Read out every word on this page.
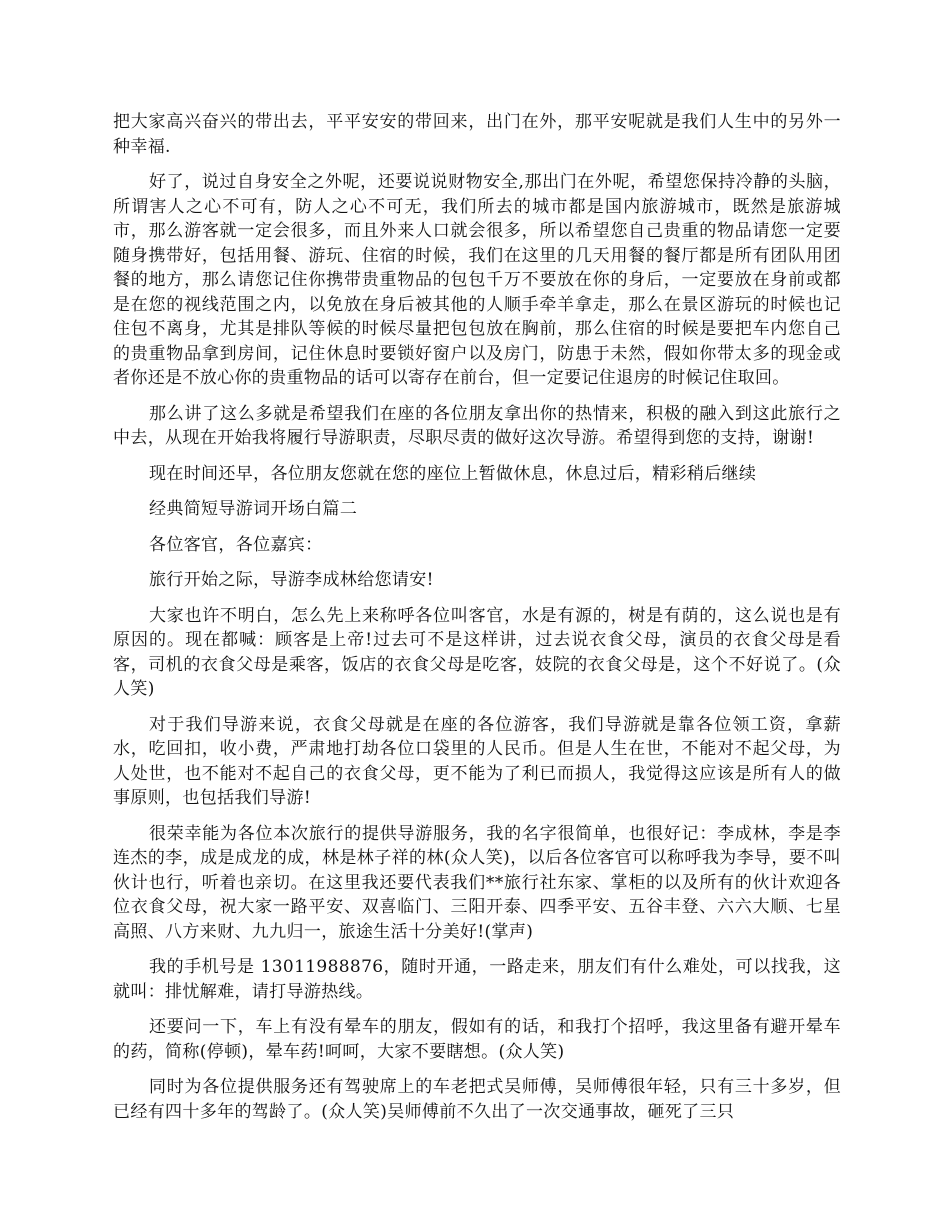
把大家高兴奋兴的带出去，平平安安的带回来，出门在外，那平安呢就是我们人生中的另外一种幸福.

好了，说过自身安全之外呢，还要说说财物安全,那出门在外呢，希望您保持冷静的头脑，所谓害人之心不可有，防人之心不可无，我们所去的城市都是国内旅游城市，既然是旅游城市，那么游客就一定会很多，而且外来人口就会很多，所以希望您自己贵重的物品请您一定要随身携带好，包括用餐、游玩、住宿的时候，我们在这里的几天用餐的餐厅都是所有团队用团餐的地方，那么请您记住你携带贵重物品的包包千万不要放在你的身后，一定要放在身前或都是在您的视线范围之内，以免放在身后被其他的人顺手牵羊拿走，那么在景区游玩的时候也记住包不离身，尤其是排队等候的时候尽量把包包放在胸前，那么住宿的时候是要把车内您自己的贵重物品拿到房间，记住休息时要锁好窗户以及房门，防患于未然，假如你带太多的现金或者你还是不放心你的贵重物品的话可以寄存在前台，但一定要记住退房的时候记住取回。

那么讲了这么多就是希望我们在座的各位朋友拿出你的热情来，积极的融入到这此旅行之中去，从现在开始我将履行导游职责，尽职尽责的做好这次导游。希望得到您的支持，谢谢!

现在时间还早，各位朋友您就在您的座位上暂做休息，休息过后，精彩稍后继续

经典简短导游词开场白篇二

各位客官，各位嘉宾：

旅行开始之际，导游李成林给您请安!

大家也许不明白，怎么先上来称呼各位叫客官，水是有源的，树是有荫的，这么说也是有原因的。现在都喊：顾客是上帝!过去可不是这样讲，过去说衣食父母，演员的衣食父母是看客，司机的衣食父母是乘客，饭店的衣食父母是吃客，妓院的衣食父母是，这个不好说了。(众人笑)

对于我们导游来说，衣食父母就是在座的各位游客，我们导游就是靠各位领工资，拿薪水，吃回扣，收小费，严肃地打劫各位口袋里的人民币。但是人生在世，不能对不起父母，为人处世，也不能对不起自己的衣食父母，更不能为了利已而损人，我觉得这应该是所有人的做事原则，也包括我们导游!

很荣幸能为各位本次旅行的提供导游服务，我的名字很简单，也很好记：李成林，李是李连杰的李，成是成龙的成，林是林子祥的林(众人笑)，以后各位客官可以称呼我为李导，要不叫伙计也行，听着也亲切。在这里我还要代表我们**旅行社东家、掌柜的以及所有的伙计欢迎各位衣食父母，祝大家一路平安、双喜临门、三阳开泰、四季平安、五谷丰登、六六大顺、七星高照、八方来财、九九归一，旅途生活十分美好!(掌声)

我的手机号是 13011988876，随时开通，一路走来，朋友们有什么难处，可以找我，这就叫：排忧解难，请打导游热线。

还要问一下，车上有没有晕车的朋友，假如有的话，和我打个招呼，我这里备有避开晕车的药，简称(停顿)，晕车药!呵呵，大家不要瞎想。(众人笑)

同时为各位提供服务还有驾驶席上的车老把式吴师傅，吴师傅很年轻，只有三十多岁，但已经有四十多年的驾龄了。(众人笑)吴师傅前不久出了一次交通事故，砸死了三只
